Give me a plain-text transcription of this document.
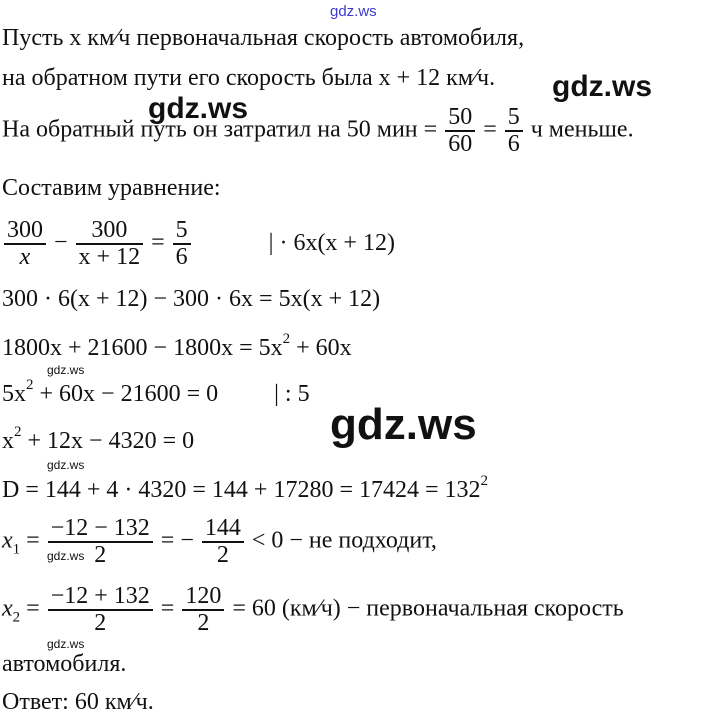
gdz.ws
Пусть x км⁄ч первоначальная скорость автомобиля,
на обратном пути его скорость была x + 12 км⁄ч.
На обратный путь он затратил на 50 мин = $\frac{50}{60} = \frac{5}{6}$ ч меньше.
Составим уравнение:
$\frac{300}{x} - \frac{300}{x + 12} = \frac{5}{6}$	| · 6x(x + 12)
300 · 6(x + 12) − 300 · 6x = 5x(x + 12)
$1800x + 21600 - 1800x = 5x^2 + 60x$
$5x^2 + 60x - 21600 = 0$ | : 5
$x^2 + 12x - 4320 = 0$
$D = 144 + 4 \cdot 4320 = 144 + 17280 = 17424 = 132^2$
$x_1 = \frac{-12 - 132}{2}$ = − $\frac{144}{2} < 0$ − не подходит,
$x_2 = \frac{-12 + 132}{2} = \frac{120}{2} = 60$ (км⁄ч) − первоначальная скорость
автомобиля.
Ответ: 60 км⁄ч.
gdz.ws
gdz.ws
gdz.ws
gdz.ws
gdz.ws
gdz.ws
gdz.ws
